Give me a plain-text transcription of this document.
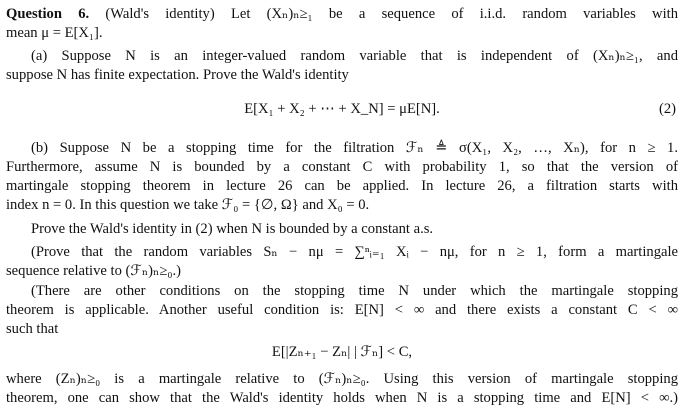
Question 6. (Wald's identity) Let (Xₙ)ₙ≥₁ be a sequence of i.i.d. random variables with
mean μ = E[X₁].
(a) Suppose N is an integer-valued random variable that is independent of (Xₙ)ₙ≥₁, and
suppose N has finite expectation. Prove the Wald's identity
E[X₁ + X₂ + ⋯ + X_N] = μE[N].	(2)
(b) Suppose N be a stopping time for the filtration ℱₙ ≜ σ(X₁, X₂, …, Xₙ), for n ≥ 1.
Furthermore, assume N is bounded by a constant C with probability 1, so that the version of
martingale stopping theorem in lecture 26 can be applied. In lecture 26, a filtration starts with
index n = 0. In this question we take ℱ₀ = {∅, Ω} and X₀ = 0.
Prove the Wald's identity in (2) when N is bounded by a constant a.s.
(Prove that the random variables Sₙ − nμ = ∑ⁿᵢ₌₁ Xᵢ − nμ, for n ≥ 1, form a martingale
sequence relative to (ℱₙ)ₙ≥₀.)
(There are other conditions on the stopping time N under which the martingale stopping
theorem is applicable. Another useful condition is: E[N] < ∞ and there exists a constant C < ∞
such that
E[|Zₙ₊₁ − Zₙ| | ℱₙ] < C,
where (Zₙ)ₙ≥₀ is a martingale relative to (ℱₙ)ₙ≥₀. Using this version of martingale stopping
theorem, one can show that the Wald's identity holds when N is a stopping time and E[N] < ∞.)
